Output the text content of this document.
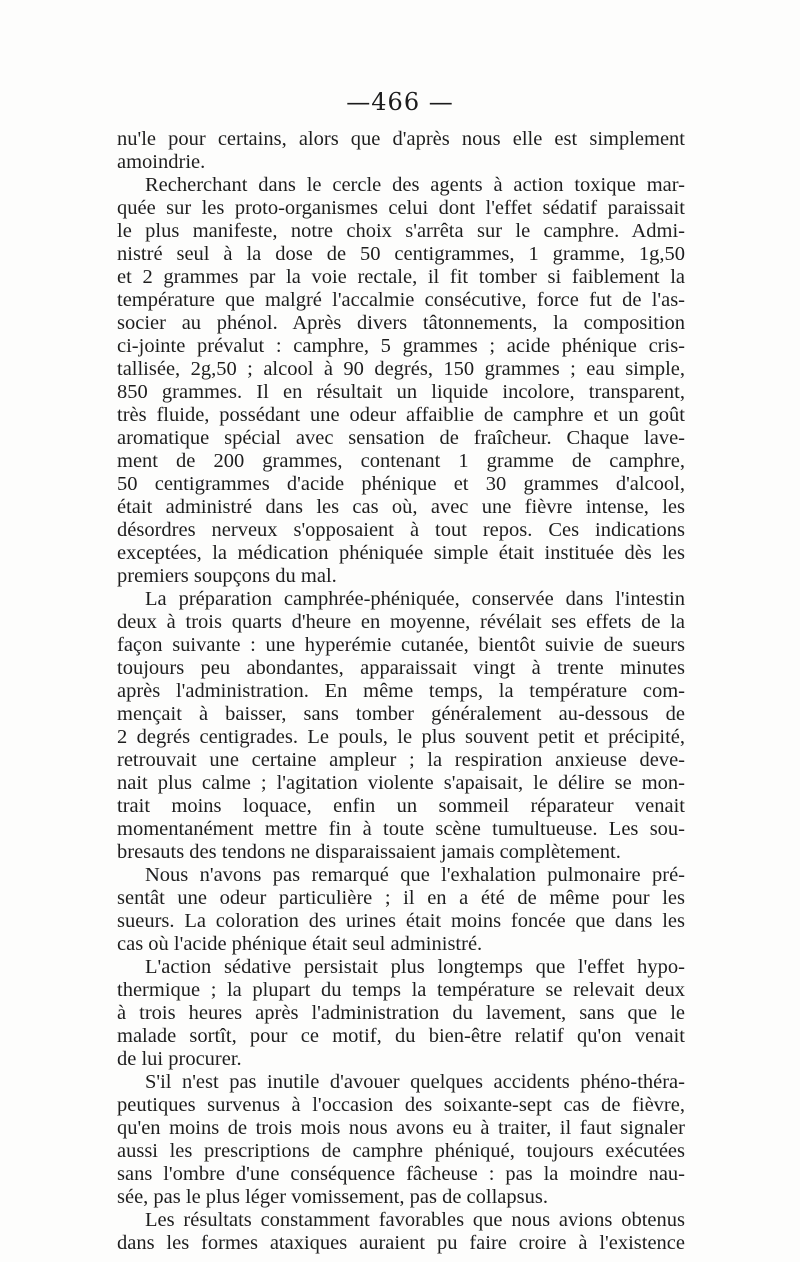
—466 —
nu'le pour certains, alors que d'après nous elle est simplement
amoindrie.
Recherchant dans le cercle des agents à action toxique mar-
quée sur les proto-organismes celui dont l'effet sédatif paraissait
le plus manifeste, notre choix s'arrêta sur le camphre. Admi-
nistré seul à la dose de 50 centigrammes, 1 gramme, 1g,50
et 2 grammes par la voie rectale, il fit tomber si faiblement la
température que malgré l'accalmie consécutive, force fut de l'as-
socier au phénol. Après divers tâtonnements, la composition
ci-jointe prévalut : camphre, 5 grammes ; acide phénique cris-
tallisée, 2g,50 ; alcool à 90 degrés, 150 grammes ; eau simple,
850 grammes. Il en résultait un liquide incolore, transparent,
très fluide, possédant une odeur affaiblie de camphre et un goût
aromatique spécial avec sensation de fraîcheur. Chaque lave-
ment de 200 grammes, contenant 1 gramme de camphre,
50 centigrammes d'acide phénique et 30 grammes d'alcool,
était administré dans les cas où, avec une fièvre intense, les
désordres nerveux s'opposaient à tout repos. Ces indications
exceptées, la médication phéniquée simple était instituée dès les
premiers soupçons du mal.
La préparation camphrée-phéniquée, conservée dans l'intestin
deux à trois quarts d'heure en moyenne, révélait ses effets de la
façon suivante : une hyperémie cutanée, bientôt suivie de sueurs
toujours peu abondantes, apparaissait vingt à trente minutes
après l'administration. En même temps, la température com-
mençait à baisser, sans tomber généralement au-dessous de
2 degrés centigrades. Le pouls, le plus souvent petit et précipité,
retrouvait une certaine ampleur ; la respiration anxieuse deve-
nait plus calme ; l'agitation violente s'apaisait, le délire se mon-
trait moins loquace, enfin un sommeil réparateur venait
momentanément mettre fin à toute scène tumultueuse. Les sou-
bresauts des tendons ne disparaissaient jamais complètement.
Nous n'avons pas remarqué que l'exhalation pulmonaire pré-
sentât une odeur particulière ; il en a été de même pour les
sueurs. La coloration des urines était moins foncée que dans les
cas où l'acide phénique était seul administré.
L'action sédative persistait plus longtemps que l'effet hypo-
thermique ; la plupart du temps la température se relevait deux
à trois heures après l'administration du lavement, sans que le
malade sortît, pour ce motif, du bien-être relatif qu'on venait
de lui procurer.
S'il n'est pas inutile d'avouer quelques accidents phéno-théra-
peutiques survenus à l'occasion des soixante-sept cas de fièvre,
qu'en moins de trois mois nous avons eu à traiter, il faut signaler
aussi les prescriptions de camphre phéniqué, toujours exécutées
sans l'ombre d'une conséquence fâcheuse : pas la moindre nau-
sée, pas le plus léger vomissement, pas de collapsus.
Les résultats constamment favorables que nous avions obtenus
dans les formes ataxiques auraient pu faire croire à l'existence
